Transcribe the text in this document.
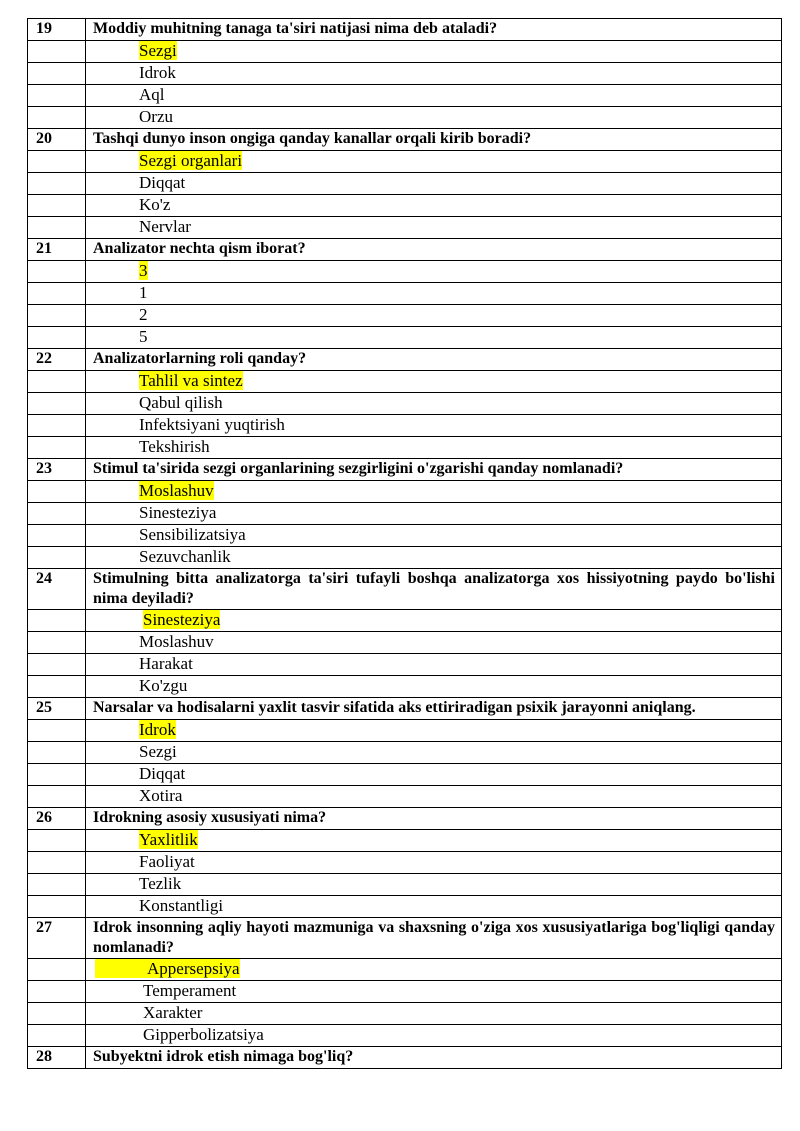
19	Moddiy muhitning tanaga ta'siri natijasi nima deb ataladi?
	Sezgi
	Idrok
	Aql
	Orzu
20	Tashqi dunyo inson ongiga qanday kanallar orqali kirib boradi?
	Sezgi organlari
	Diqqat
	Ko'z
	Nervlar
21	Analizator nechta qism iborat?
	3
	1
	2
	5
22	Analizatorlarning roli qanday?
	Tahlil va sintez
	Qabul qilish
	Infektsiyani yuqtirish
	Tekshirish
23	Stimul ta'sirida sezgi organlarining sezgirligini o'zgarishi qanday nomlanadi?
	Moslashuv
	Sinesteziya
	Sensibilizatsiya
	Sezuvchanlik
24	Stimulning bitta analizatorga ta'siri tufayli boshqa analizatorga xos hissiyotning paydo bo'lishi nima deyiladi?
	Sinesteziya
	Moslashuv
	Harakat
	Ko'zgu
25	Narsalar va hodisalarni yaxlit tasvir sifatida aks ettiriradigan psixik jarayonni aniqlang.
	Idrok
	Sezgi
	Diqqat
	Xotira
26	Idrokning asosiy xususiyati nima?
	Yaxlitlik
	Faoliyat
	Tezlik
	Konstantligi
27	Idrok insonning aqliy hayoti mazmuniga va shaxsning o'ziga xos xususiyatlariga bog'liqligi qanday nomlanadi?
	Appersepsiya
	Temperament
	Xarakter
	Gipperbolizatsiya
28	Subyektni idrok etish nimaga bog'liq?
